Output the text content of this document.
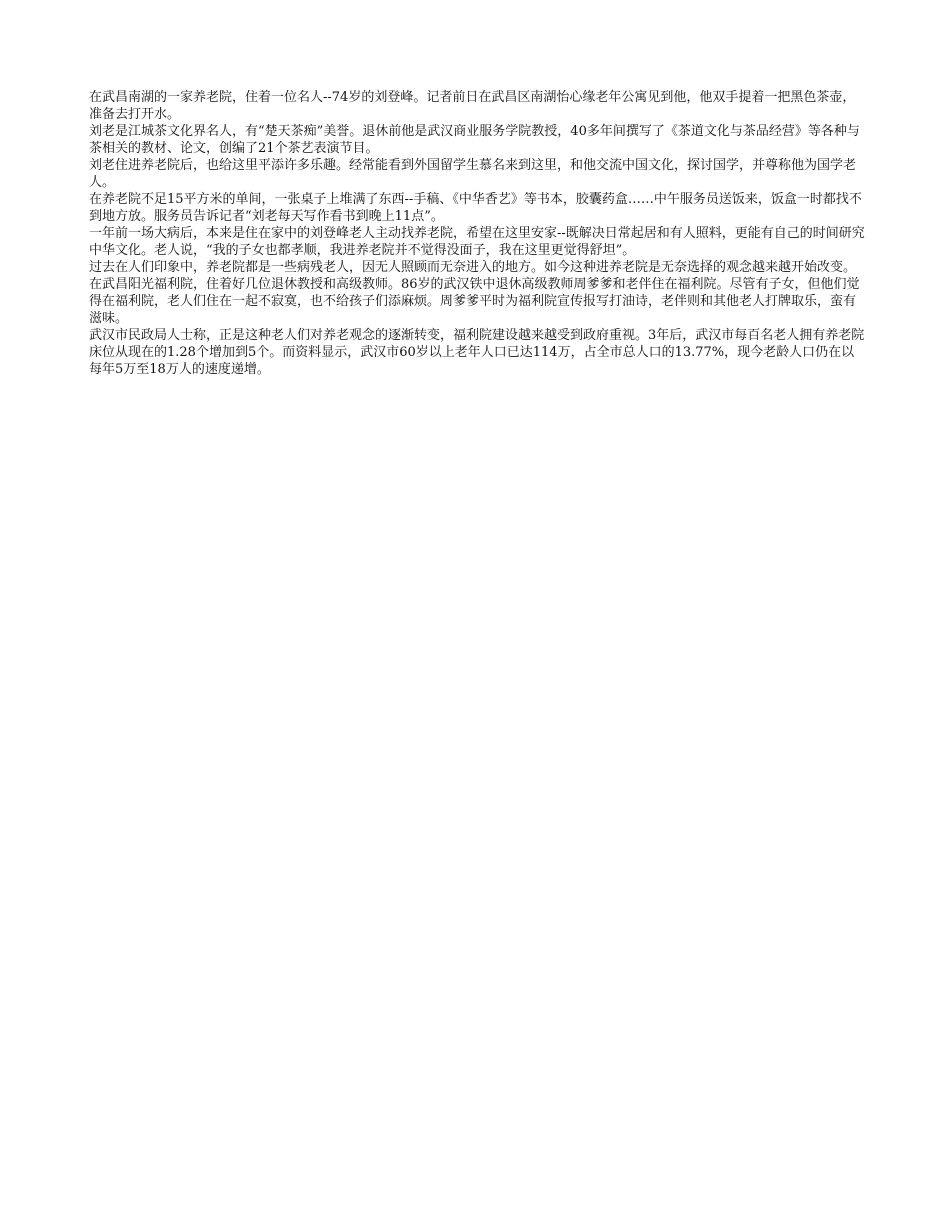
在武昌南湖的一家养老院，住着一位名人--74岁的刘登峰。记者前日在武昌区南湖怡心缘老年公寓见到他，他双手提着一把黑色茶壶，准备去打开水。

刘老是江城茶文化界名人，有“楚天茶痴”美誉。退休前他是武汉商业服务学院教授，40多年间撰写了《茶道文化与茶品经营》等各种与茶相关的教材、论文，创编了21个茶艺表演节目。

刘老住进养老院后，也给这里平添许多乐趣。经常能看到外国留学生慕名来到这里，和他交流中国文化，探讨国学，并尊称他为国学老人。

在养老院不足15平方米的单间，一张桌子上堆满了东西--手稿、《中华香艺》等书本，胶囊药盒……中午服务员送饭来，饭盒一时都找不到地方放。服务员告诉记者“刘老每天写作看书到晚上11点”。

一年前一场大病后，本来是住在家中的刘登峰老人主动找养老院，希望在这里安家--既解决日常起居和有人照料，更能有自己的时间研究中华文化。老人说，“我的子女也都孝顺，我进养老院并不觉得没面子，我在这里更觉得舒坦”。

过去在人们印象中，养老院都是一些病残老人，因无人照顾而无奈进入的地方。如今这种进养老院是无奈选择的观念越来越开始改变。

在武昌阳光福利院，住着好几位退休教授和高级教师。86岁的武汉铁中退休高级教师周爹爹和老伴住在福利院。尽管有子女，但他们觉得在福利院，老人们住在一起不寂寞，也不给孩子们添麻烦。周爹爹平时为福利院宣传报写打油诗，老伴则和其他老人打牌取乐，蛮有滋味。

武汉市民政局人士称，正是这种老人们对养老观念的逐渐转变，福利院建设越来越受到政府重视。3年后，武汉市每百名老人拥有养老院床位从现在的1.28个增加到5个。而资料显示，武汉市60岁以上老年人口已达114万，占全市总人口的13.77%，现今老龄人口仍在以每年5万至18万人的速度递增。
